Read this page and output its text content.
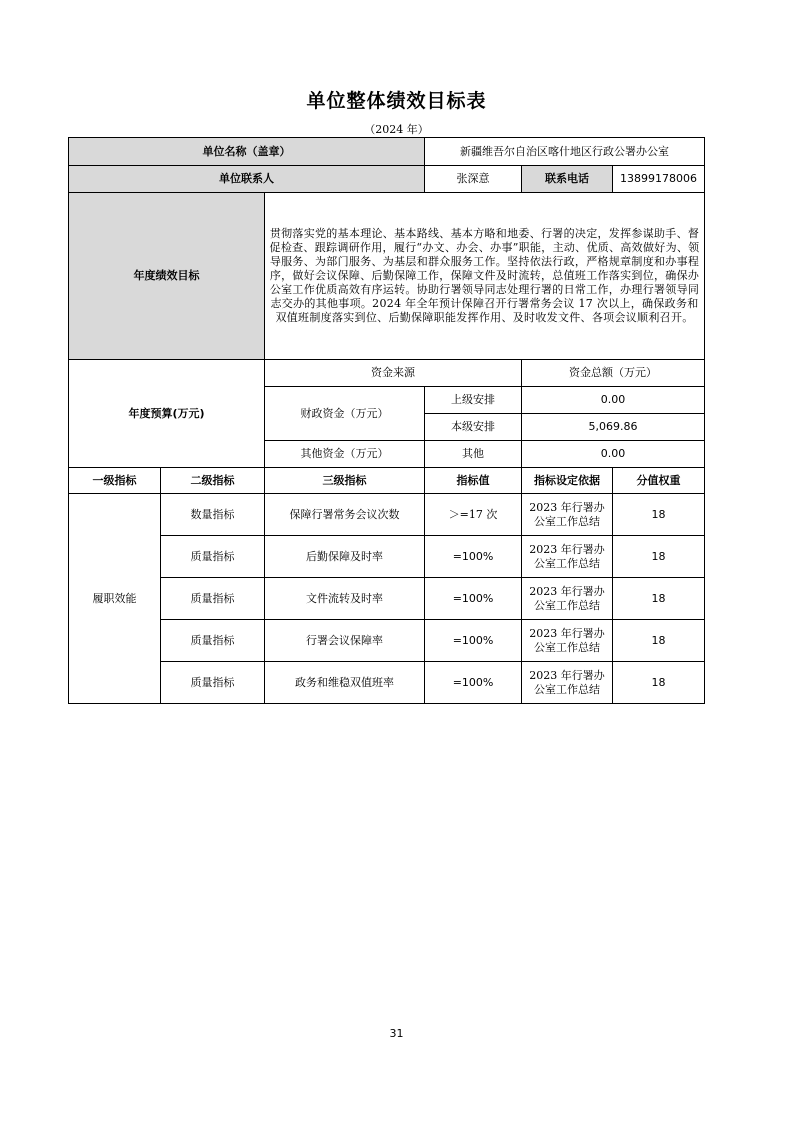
单位整体绩效目标表
（2024 年）
单位名称（盖章）			新疆维吾尔自治区喀什地区行政公署办公室		
单位联系人			张深意	联系电话	13899178006
年度绩效目标		贯彻落实党的基本理论、基本路线、基本方略和地委、行署的决定，发挥参谋助手、督促检查、跟踪调研作用，履行“办文、办会、办事”职能，主动、优质、高效做好为、领导服务、为部门服务、为基层和群众服务工作。坚持依法行政，严格规章制度和办事程序，做好会议保障、后勤保障工作，保障文件及时流转，总值班工作落实到位，确保办公室工作优质高效有序运转。协助行署领导同志处理行署的日常工作，办理行署领导同志交办的其他事项。2024 年全年预计保障召开行署常务会议 17 次以上，确保政务和双值班制度落实到位、后勤保障职能发挥作用、及时收发文件、各项会议顺利召开。			
年度预算(万元)		资金来源		资金总额（万元）	
		财政资金（万元）	上级安排	0.00	
			本级安排	5,069.86	
		其他资金（万元）	其他	0.00	
一级指标	二级指标	三级指标	指标值	指标设定依据	分值权重
履职效能	数量指标	保障行署常务会议次数	＞=17 次	2023 年行署办公室工作总结	18
	质量指标	后勤保障及时率	=100%	2023 年行署办公室工作总结	18
	质量指标	文件流转及时率	=100%	2023 年行署办公室工作总结	18
	质量指标	行署会议保障率	=100%	2023 年行署办公室工作总结	18
	质量指标	政务和维稳双值班率	=100%	2023 年行署办公室工作总结	18
31
